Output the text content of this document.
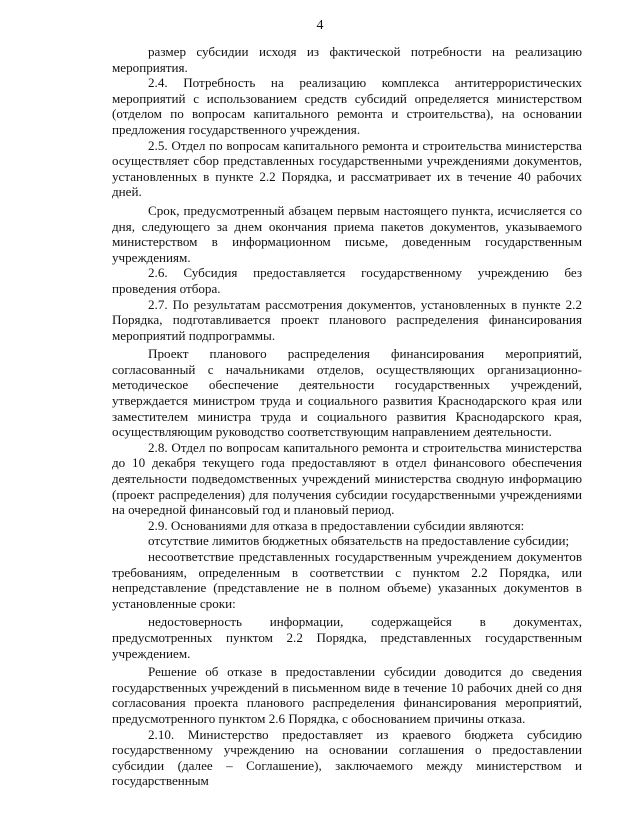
4

размер субсидии исходя из фактической потребности на реализацию мероприятия.

2.4. Потребность на реализацию комплекса антитеррористических мероприятий с использованием средств субсидий определяется министерством (отделом по вопросам капитального ремонта и строительства), на основании предложения государственного учреждения.

2.5. Отдел по вопросам капитального ремонта и строительства министерства осуществляет сбор представленных государственными учреждениями документов, установленных в пункте 2.2 Порядка, и рассматривает их в течение 40 рабочих дней.

Срок, предусмотренный абзацем первым настоящего пункта, исчисляется со дня, следующего за днем окончания приема пакетов документов, указываемого министерством в информационном письме, доведенным государственным учреждениям.

2.6. Субсидия предоставляется государственному учреждению без проведения отбора.

2.7. По результатам рассмотрения документов, установленных в пункте 2.2 Порядка, подготавливается проект планового распределения финансирования мероприятий подпрограммы.

Проект планового распределения финансирования мероприятий, согласованный с начальниками отделов, осуществляющих организационно-методическое обеспечение деятельности государственных учреждений, утверждается министром труда и социального развития Краснодарского края или заместителем министра труда и социального развития Краснодарского края, осуществляющим руководство соответствующим направлением деятельности.

2.8. Отдел по вопросам капитального ремонта и строительства министерства до 10 декабря текущего года предоставляют в отдел финансового обеспечения деятельности подведомственных учреждений министерства сводную информацию (проект распределения) для получения субсидии государственными учреждениями на очередной финансовый год и плановый период.

2.9. Основаниями для отказа в предоставлении субсидии являются:

отсутствие лимитов бюджетных обязательств на предоставление субсидии;

несоответствие представленных государственным учреждением документов требованиям, определенным в соответствии с пунктом 2.2 Порядка, или непредставление (представление не в полном объеме) указанных документов в установленные сроки:

недостоверность информации, содержащейся в документах, предусмотренных пунктом 2.2 Порядка, представленных государственным учреждением.

Решение об отказе в предоставлении субсидии доводится до сведения государственных учреждений в письменном виде в течение 10 рабочих дней со дня согласования проекта планового распределения финансирования мероприятий, предусмотренного пунктом 2.6 Порядка, с обоснованием причины отказа.

2.10. Министерство предоставляет из краевого бюджета субсидию государственному учреждению на основании соглашения о предоставлении субсидии (далее – Соглашение), заключаемого между министерством и государственным
